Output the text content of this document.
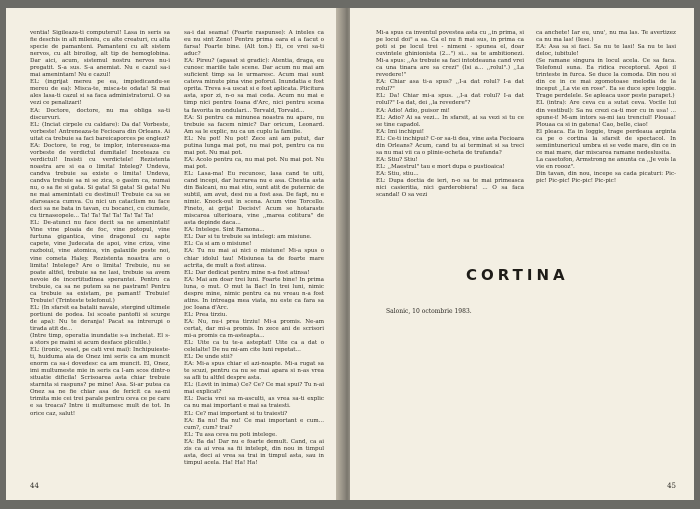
ventia! Sigileaza-ti computerul! Lasa in seris sa fie deschis in alt mileniu, cu alte creaturi, cu alta specie de pamanteni. Pamanteni cu alt sistem nervos, cu alt biroilog, alt tip de hemoglobina. Dar aici, acum, sistemul nostru nervos nu-i pregatit. S-a sus. S-a anemiat. Nu e cazul sa-i mai amenintam! Nu e cazul!

EL: (ingrijat mereu pe ea, impiedicandu-se mereu de ea): Misca-te, misca-te odata! Si mai ales lasa-ti cazul si sa faca administratorul. O sa vezi ce penalizari!

EA: Doctore, doctore, nu ma obliga sa-ti discurvuri.

EL: (Inciat cirpele cu caldare): Da da! Vorbeste, vorbeste! Antreneaza-te Fecioara din Orleans. Ai uitat ca trebuie sa faci bareicaporces pe englezi?

EA: Doctore, te rog, te implor, intereseaza-ma vorbeste de verdictul dumitale! Inceteaza cu verdictul! Insisti cu verdictele! Rezistenta noastra are si ea o limita! Inteleg? Undeva, candva trebuie sa existe o limita! Undeva, candva trebuie sa ni se zica, o gasim ca, numai nu, o sa fie si gata. Si gata! Si gata! Si gata! Nu ne mai amenintati cu destinul! Trebuie ca sa se sfarseasca cumva. Cu nici un cataclism nu face deci sa ne bata in tavan, cu bocanci, cu ciumele, cu tirnaseopele... Ta! Ta! Ta! Ta! Ta! Ta! Ta!

EL: De-atunci nu face decit sa ne amenintati! Vine vine ploaia de foc, vine potopul, vine furtuna gigantica, vine dragonul cu sapte capete, vine Judecata de apoi, vine criza, vine razboiul, vine atomica, vin galaxiile peste noi, vine cometa Haley. Rezistenta noastra are o limita! Intelege? Are o limita! Trebuie, nu se poate altfel, trebuie sa ne lasi, trebuie sa avem nevoie de incertitudinea sperantei. Pentru ca trebuie, ca sa ne putem sa ne pastram! Pentru ca trebuie sa existam, pe pamant! Trebuie! Trebuie! (Trinteste telefonul.)

EL: (In sfarsit ea batalii navale, stergind ultimele portiuni de podea. Isi scoate pantofii si scurge de apa): Nu te deranja! Pacat sa intrerupi o tirada atit de...

(Intre timp, operatia inundatie s-a incheiat. El s-a stors pe maini si acum desface pliculile.)

EL: (ironic, vesel, pe cati vrei mai): Inchipuieste-ti, huiduma aia de Onez imi seris ca am muncit enorm ca sa-i dovedesc ca am muncit. El, Onez, imi multumeste mie in seris ca l-am scos dintr-o situatie dificila! Scrisoarea asta chiar trebuie starnita si raspuns? pe mine! Asa. Si-ar putea ca Onez sa ne fie chiar asa de fericit ca sa-mi trimita mie cei trei parale pentru ceva ce pe care e sa treaca? Intre ii multumesc mult de tot. In orice caz, salut!

sa-i dai seama! (Foarte raspunse): A inteles ca eu nu sint Zeno! Pentru prima oara el a facut o farsa! Foarte bine. (Alt ton.) Ei, ce vrei sa-ti aduc?

EA: Pireu? (agasat si gradic): Atentia, draga, eu cunosc mariile tale scene. Dar acum nu mai am suficient timp sa le urmaresc. Acum mai sunt cateva minute pina vine poforul. Inundatia e fost oprita. Treva s-a uscat si e fost aplicata. Plicitura asta, spor zi, n-o sa mai ceda. Acum nu mai e timp nici pentru Ioana d'Arc, nici pentru scena ta favorita in ondulari... Tervald, Torvald...

EA: Si pentru ca minunea noastra nu apare, nu trebuie sa facem nimic? Dar oricum, Leonard. Am sa le explic, nu ca un cuplu la familie.

EL: Nu pot! Nu pot! Zece ani am putut, dar putina lunga mai pot, nu mai pot, pentru ca nu mai pot. Nu mai pot.

EA: Acolo pentru ca, nu mai pot. Nu mai pot. Nu mai pot.

EL: Lasa-ma! Eu recunosc, lasa cand te uiti, cand incepi, dar lucrarea nu e asa. Chestia asta din Balcani, nu mai stiu, sunt atit de puternic de subtil, am avut, desi nu a fost asa. De fapt, nu e nimic. Knock-out in scena. Acum vine Torcello. Fineto, ai grija! Decisiv! Acum se hotaraste miscarea ulterioara, vine ,,marea cotitura" de asta depinde daca...

EA: Intelege. Sint Ramona...

EL: Dar si tu trebuie sa intelegi: am misiune.

EL: Ca si am o misiune!

EA: Tu nu mai ai nici o misiune! Mi-a spus o chiar idolul tau! Misiunea ta de foarte mare actrita, de mult a fost atinsa.

EL: Dar dedicat pentru mine n-a fost atinsa!

EA: Mai am doar trei luni. Foarte bine! In prima luna, o mut. O mut la Bac! In trei luni, nimic despre mine, nimic pentru ca nu vreau n-a fost atins. In intreaga mea viata, nu este ca fara sa joc Ioana d'Arc.

EL: Prea tirziu.

EA: Nu, nu-i prea tirziu! Mi-a promis. Ne-am certat, dar mi-a promis. In zece ani de scrisori mi-a promis ca m-asteapta...

EL: Uite ca tu te-a asteptat! Uite ca a dat o celelalte! De nu mi-am cite luni repetat...

EL: De unde stii?

EA: Mi-a spus chiar el azi-noapte. Mi-a rugat sa te scuzi, pentru ca nu se mai apara si n-as vrea sa afli tu altfel despre asta.

EL: (Lovit in inima) Ce? Ce? Ce mai spui? Tu n-ai mai explicat?

EL: Dacia vrei sa m-asculti, as vrea sa-ti explic ca nu mai important e mai sa traiesti.

EL: Ce? mai important si tu traiesti?

EA: Ba nu! Ba nu! Ce mai important e cum... cum?, cum? trai?

EL: Tu asa ceva nu poti intelege.

EA: Ba da! Dar nu e foarte demult. Cand, ca ai zis ca ai vrea sa fii intelept, din nou in timpul asta, deci ai vrea sa trai in timpul asta, sau in timpul acela. Ha! Ha! Ha!

44

Mi-a spus ca inventul povestea asta cu ,,in prima, si pe locul doi" a sa. Ca el nu fi mai sus, in prima ca poti si pe locul trei - nimeni - spunea el, doar cuvintele ghinionista (2...") si... sa te ambitionezi. Mi-a spus: ,,As trebuie sa faci intotdeauna cand vrei ca una tinara are sa crezi" (Isi a... ,,rolul".) ,,La revedere!"

EA: Chiar asa ti-a spus? ,,I-a dat rolul? I-a dat rolul?"

EL: Da! Chiar mi-a spus. ,,I-a dat rolul? I-a dat rolul?" I-a dat, dei ,,la revedere"?

EA: Adio! Adio, puisor mi!

EL: Adio? Ai sa vezi... In sfarsit, ai sa vezi si tu ce se tine capadol.

EA: Imi inchipui!

EL: Ce-ti inchipui? C-or sa-ti dea, vine asta Fecioara din Orleans? Acum, cand tu ai terminat si sa treci sa nu mai vii ca o plinie-ocheta de trufanda?

EA: Stiu? Stiu!

EL: ,,Maestrul" tau e mort dupa o pustioaica!

EA: Stiu, stiu...

EL: Dupa doctia de ieri, n-o sa te mai primeasca nici casieritia, nici garderobiera! ... O sa faca scandal! O sa vezi

ca anchete! Iar eu, unu', nu ma las. Te avertizez ca nu ma las! (Iese.)

EA: Asa sa si faci. Sa nu te lasi! Sa nu te lasi deloc, iubitule!

(Se ramane singura in locul acela. Ce sa faca. Telefonul suna. Ea ridica receptorul. Apoi il trinteste in furca. Se duce la comoda. Din nou si din ce in ce mai zgomotoase melodia de la inceput ,,La vie en rose". Ea se duce spre loggie. Trage perdelele. Se apleaca usor peste parapet.)

EL (intra): Are ceva cu a sutat ceva. Vocile lui din vestibul): Sa nu crezi ca-ti mor cu in usa! ... spune-i! M-am intors sa-mi iau trenciul! Plouaa! Plouaa ca si in gatena! Cao, belle, ciao!

El pleaca. Ea in loggie, trage perdeaua arginta ca pe o cortina la sfarsit de spectacol. In semiintunericul umbra ei se vede mare, din ce in ce mai mare, dar miscarea ramane nedeslusita.

La casetofon, Armstrong ne anunta ca ,,Je vois la vie en roooz".

Din tavan, din nou, incepe sa cada picaturi: Pic-pic! Pic-pic! Pic-pic! Pic-pic!

CORTINA
Salonic, 10 octombrie 1983.
45
